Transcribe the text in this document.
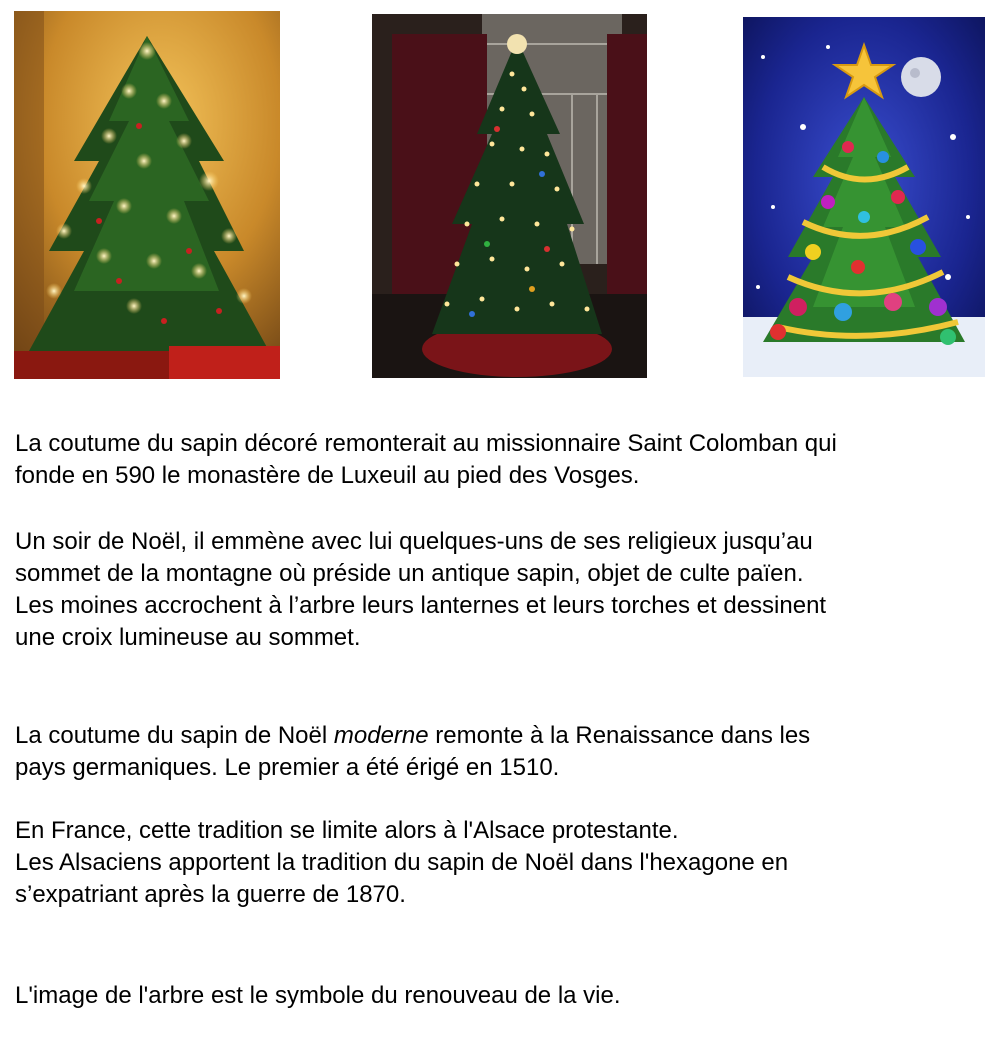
La coutume du sapin décoré remonterait au missionnaire Saint Colomban qui
fonde en 590 le monastère de Luxeuil au pied des Vosges.

Un soir de Noël, il emmène avec lui quelques-uns de ses religieux jusqu’au
sommet de la montagne où préside un antique sapin, objet de culte païen.
Les moines accrochent à l’arbre leurs lanternes et leurs torches et dessinent
une croix lumineuse au sommet.

La coutume du sapin de Noël moderne remonte à la Renaissance dans les
pays germaniques. Le premier a été érigé en 1510.

En France, cette tradition se limite alors à l'Alsace protestante.
Les Alsaciens apportent la tradition du sapin de Noël dans l'hexagone en
s’expatriant après la guerre de 1870.

L'image de l'arbre est le symbole du renouveau de la vie.
